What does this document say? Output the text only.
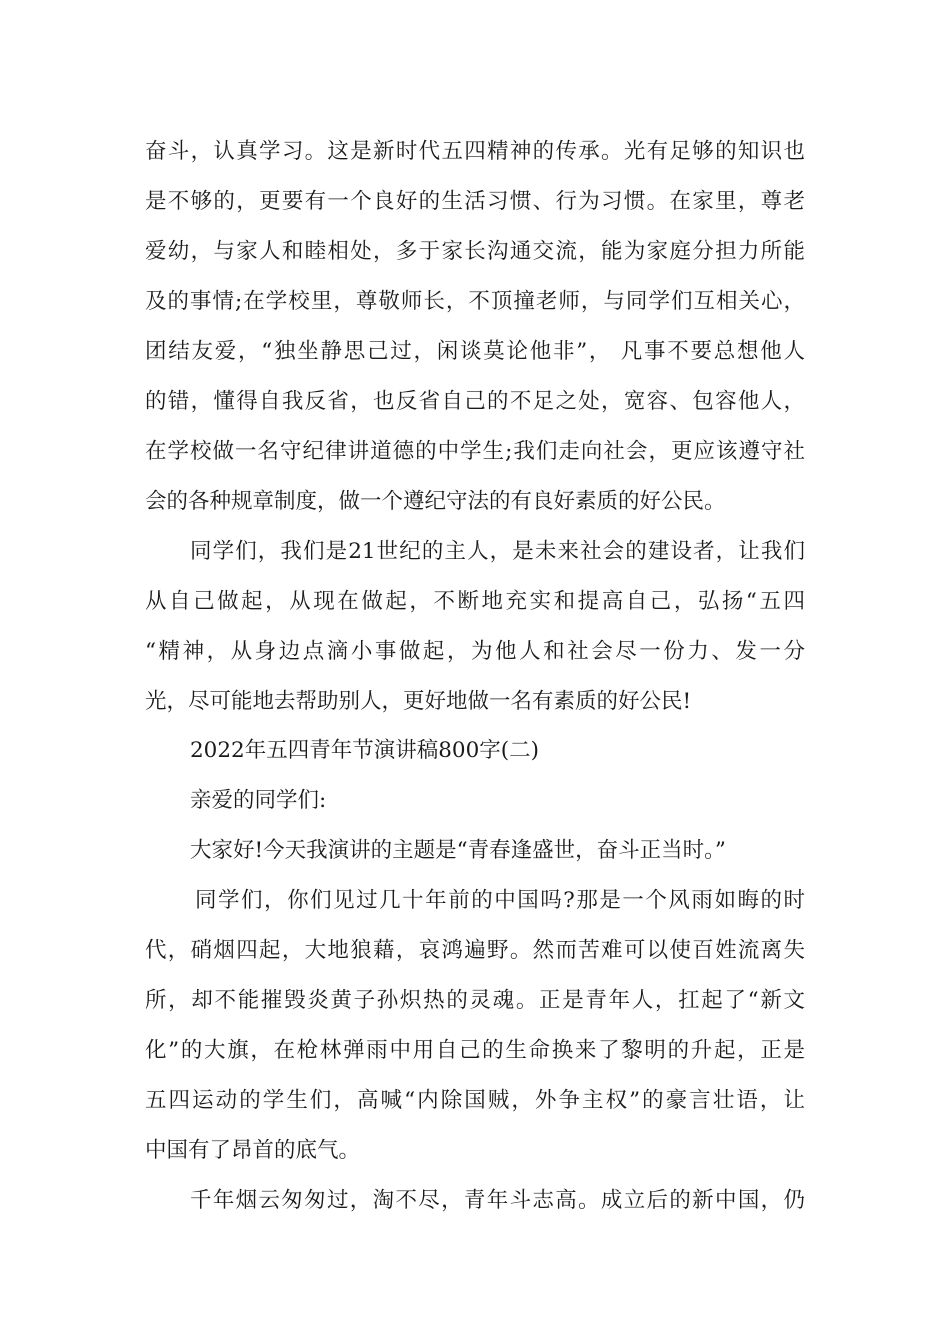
奋斗，认真学习。这是新时代五四精神的传承。光有足够的知识也
是不够的，更要有一个良好的生活习惯、行为习惯。在家里，尊老
爱幼，与家人和睦相处，多于家长沟通交流，能为家庭分担力所能
及的事情;在学校里，尊敬师长，不顶撞老师，与同学们互相关心，
团结友爱，“独坐静思己过，闲谈莫论他非”， 凡事不要总想他人
的错，懂得自我反省，也反省自己的不足之处，宽容、包容他人，
在学校做一名守纪律讲道德的中学生;我们走向社会，更应该遵守社
会的各种规章制度，做一个遵纪守法的有良好素质的好公民。
同学们，我们是21世纪的主人，是未来社会的建设者，让我们
从自己做起，从现在做起，不断地充实和提高自己，弘扬“五四
“精神，从身边点滴小事做起，为他人和社会尽一份力、发一分
光，尽可能地去帮助别人，更好地做一名有素质的好公民!
2022年五四青年节演讲稿800字(二)
亲爱的同学们:
大家好!今天我演讲的主题是“青春逢盛世，奋斗正当时。”
同学们，你们见过几十年前的中国吗?那是一个风雨如晦的时
代，硝烟四起，大地狼藉，哀鸿遍野。然而苦难可以使百姓流离失
所，却不能摧毁炎黄子孙炽热的灵魂。正是青年人，扛起了“新文
化”的大旗，在枪林弹雨中用自己的生命换来了黎明的升起，正是
五四运动的学生们，高喊“内除国贼，外争主权”的豪言壮语，让
中国有了昂首的底气。
千年烟云匆匆过，淘不尽，青年斗志高。成立后的新中国，仍
